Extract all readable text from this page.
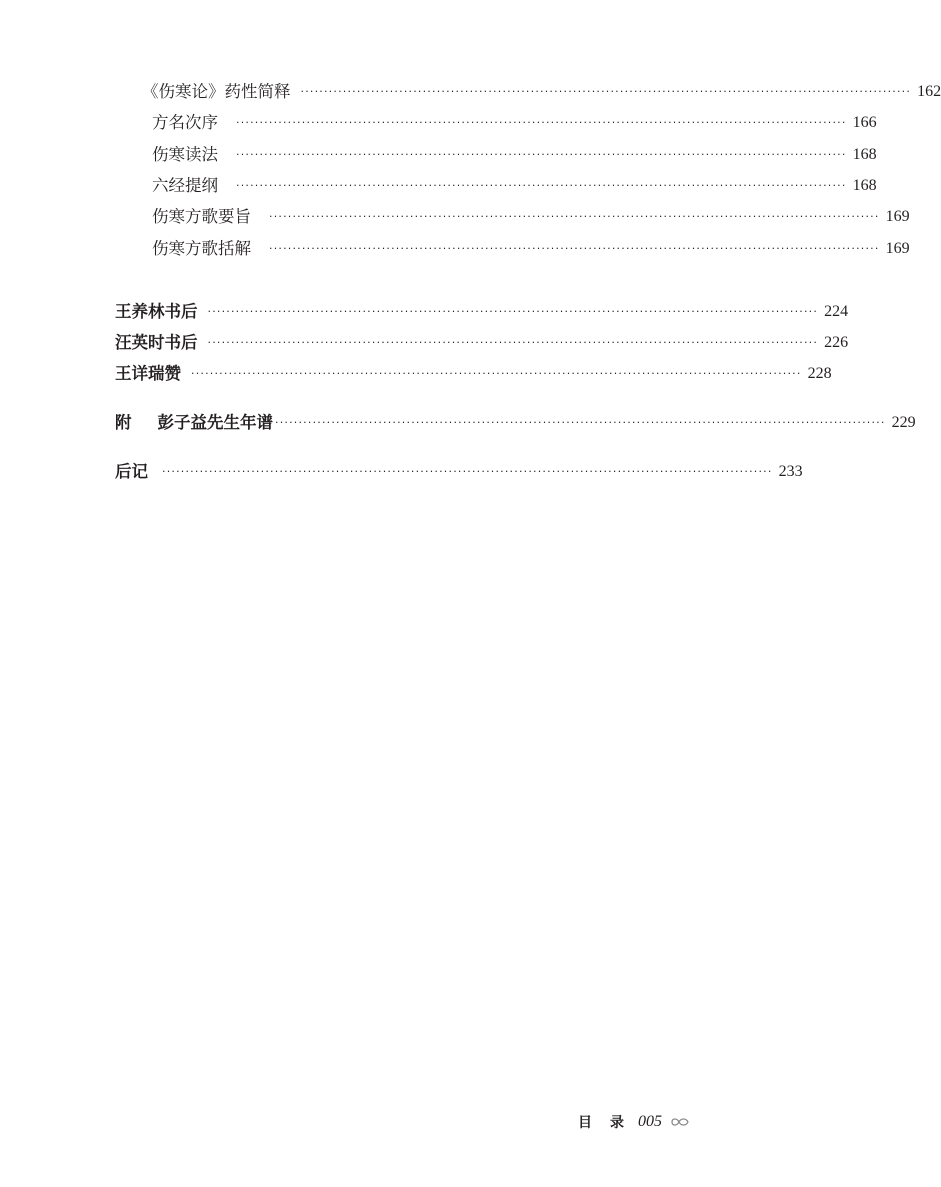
《伤寒论》药性简释 ·································································································································· 162
方名次序 ·································································································································· 166
伤寒读法 ·································································································································· 168
六经提纲 ·································································································································· 168
伤寒方歌要旨 ·································································································································· 169
伤寒方歌括解 ·································································································································· 169
王养林书后 ·································································································································· 224
汪英时书后 ·································································································································· 226
王详瑞赞 ·································································································································· 228
附 彭子益先生年谱 ·································································································································· 229
后记 ·································································································································· 233
目录
005
